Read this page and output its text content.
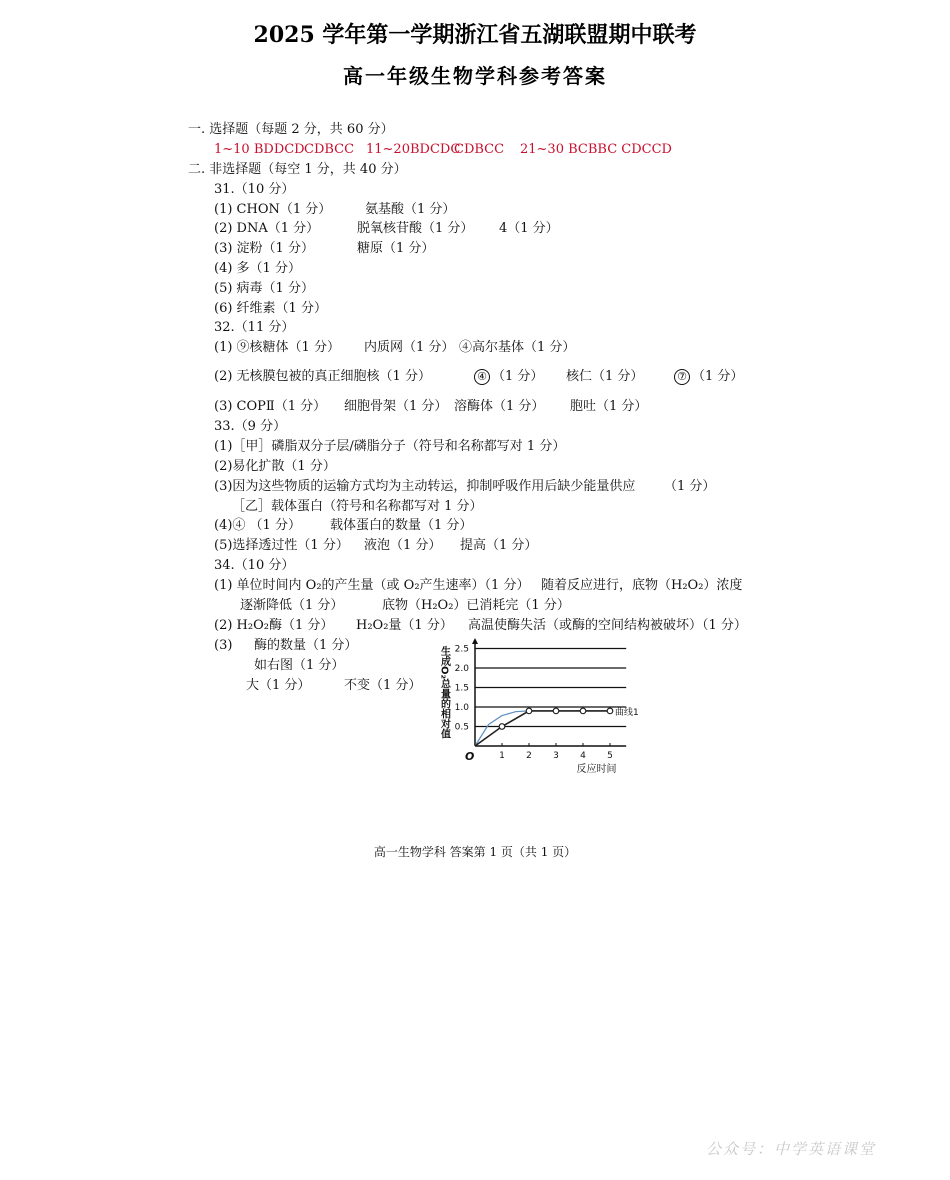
2025 学年第一学期浙江省五湖联盟期中联考
高一年级生物学科参考答案
一. 选择题（每题 2 分，共 60 分）
1~10 BDDCD CDBCC 11~20BDCDC
CDBCC 21~30 BCBBC CDCCD
二. 非选择题（每空 1 分，共 40 分）
31.（10 分）
(1) CHON（1 分）	氨基酸（1 分）
(2) DNA（1 分）	脱氧核苷酸（1 分） 4（1 分）
(3) 淀粉（1 分）	糖原（1 分）
(4) 多（1 分）
(5) 病毒（1 分）
(6) 纤维素（1 分）
32.（11 分）
(1) ⑨核糖体（1 分） 内质网（1 分） ④高尔基体（1 分）
(2) 无核膜包被的真正细胞核（1 分）	④ （1 分） 核仁（1 分）	⑦ （1 分）
(3) COPⅡ（1 分） 细胞骨架（1 分） 溶酶体（1 分） 胞吐（1 分）
33.（9 分）
(1)［甲］磷脂双分子层/磷脂分子（符号和名称都写对 1 分）
(2)易化扩散（1 分）
(3)因为这些物质的运输方式均为主动转运，抑制呼吸作用后缺少能量供应 （1 分）
［乙］载体蛋白（符号和名称都写对 1 分）
(4)④ （1 分） 载体蛋白的数量（1 分）
(5)选择透过性（1 分） 液泡（1 分） 提高（1 分）
34.（10 分）
(1) 单位时间内 O₂的产生量（或 O₂产生速率）（1 分） 随着反应进行，底物（H₂O₂）浓度
逐渐降低（1 分）	底物（H₂O₂）已消耗完（1 分）
(2) H₂O₂酶（1 分） H₂O₂量（1 分） 高温使酶失活（或酶的空间结构被破坏）（1 分）
(3) 酶的数量（1 分）
如右图（1 分）
大（1 分）	不变（1 分）
0.5
1.0
1.5
2.0
2.5
1 2 3 4 5
O
反应时间
生成O₂总量的相对值	曲线1
高一生物学科 答案第 1 页（共 1 页）
公众号：中学英语课堂
